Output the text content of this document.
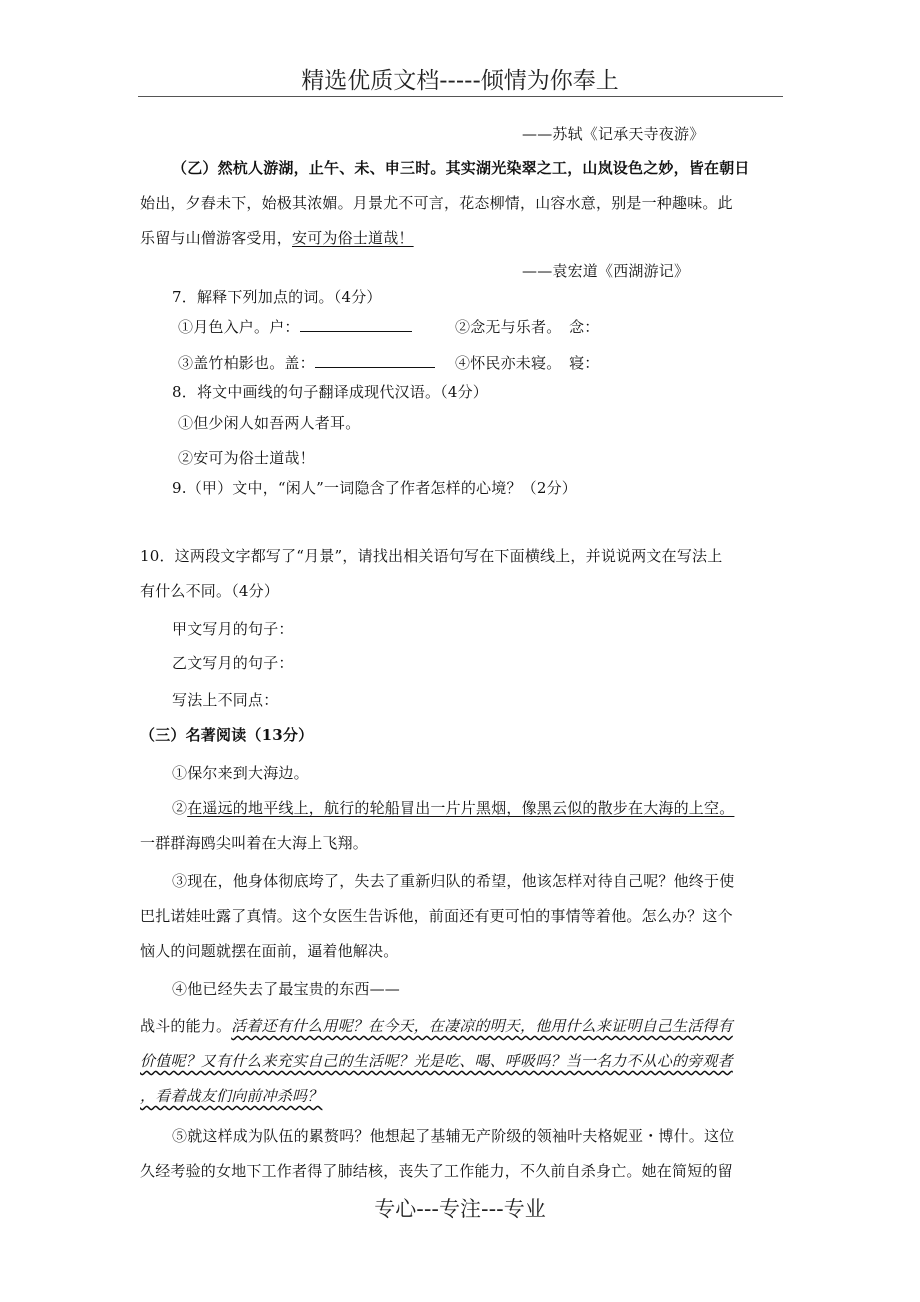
精选优质文档-----倾情为你奉上
——苏轼《记承天寺夜游》
（乙）然杭人游湖，止午、未、申三时。其实湖光染翠之工，山岚设色之妙，皆在朝日
始出，夕舂未下，始极其浓媚。月景尤不可言，花态柳情，山容水意，别是一种趣味。此
乐留与山僧游客受用，安可为俗士道哉！
——袁宏道《西湖游记》
7．解释下列加点的词。（4分）
①月色入户。户：	②念无与乐者。　念：
③盖竹柏影也。盖：	④怀民亦未寝。　寝：
8．将文中画线的句子翻译成现代汉语。（4分）
①但少闲人如吾两人者耳。
②安可为俗士道哉！
9.（甲）文中，“闲人”一词隐含了作者怎样的心境？（2分）
10．这两段文字都写了“月景”，请找出相关语句写在下面横线上，并说说两文在写法上
有什么不同。（4分）
甲文写月的句子：
乙文写月的句子：
写法上不同点：
（三）名著阅读（13分）
①保尔来到大海边。
②在遥远的地平线上，航行的轮船冒出一片片黑烟，像黑云似的散步在大海的上空。
一群群海鸥尖叫着在大海上飞翔。
③现在，他身体彻底垮了，失去了重新归队的希望，他该怎样对待自己呢？他终于使
巴扎诺娃吐露了真情。这个女医生告诉他，前面还有更可怕的事情等着他。怎么办？这个
恼人的问题就摆在面前，逼着他解决。
④他已经失去了最宝贵的东西——
战斗的能力。活着还有什么用呢？在今天，在凄凉的明天，他用什么来证明自己生活得有
价值呢？又有什么来充实自己的生活呢？光是吃、喝、呼吸吗？当一名力不从心的旁观者
，看着战友们向前冲杀吗？
⑤就这样成为队伍的累赘吗？他想起了基辅无产阶级的领袖叶夫格妮亚・博什。这位
久经考验的女地下工作者得了肺结核，丧失了工作能力，不久前自杀身亡。她在简短的留
专心---专注---专业
